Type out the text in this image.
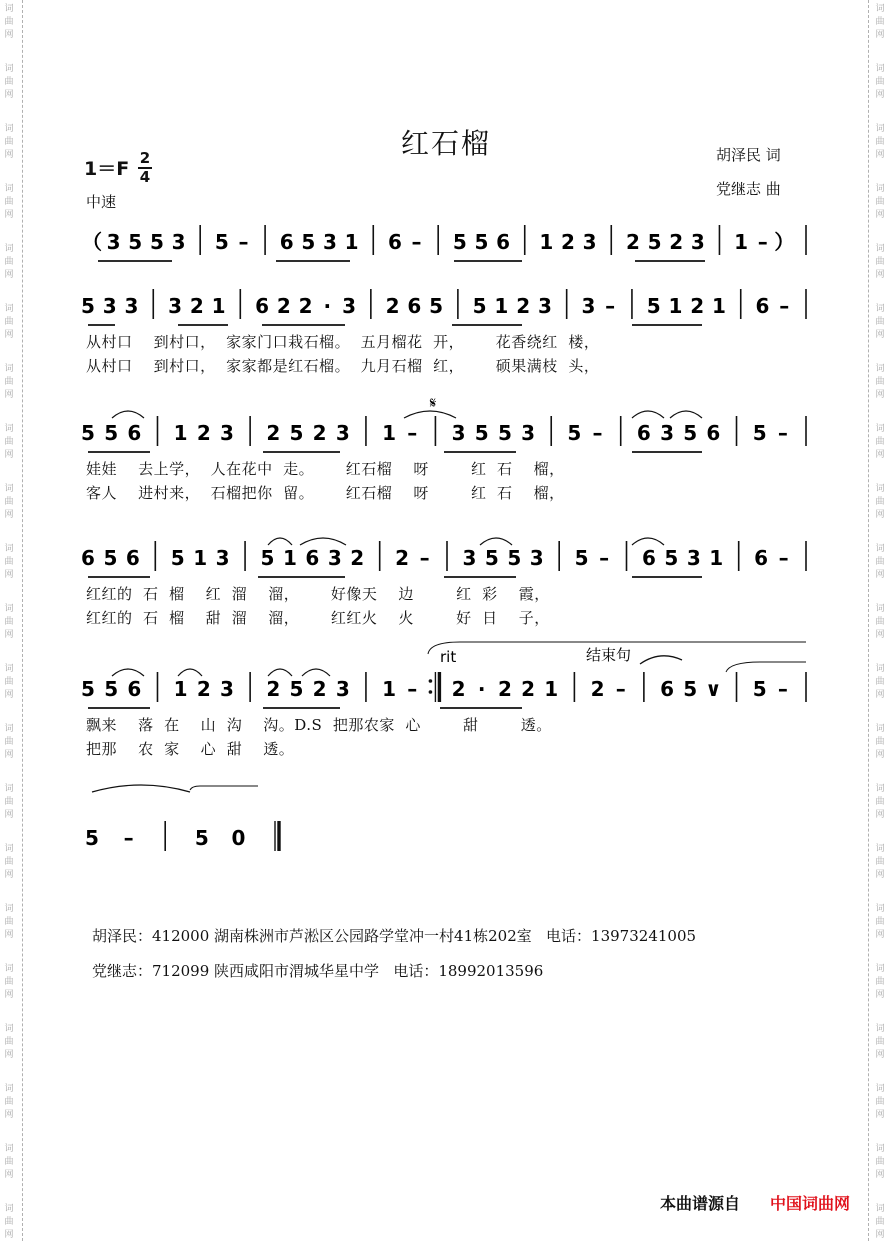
词
曲
网
词
曲
网
词
曲
网
词
曲
网
词
曲
网
词
曲
网
词
曲
网
词
曲
网
词
曲
网
词
曲
网
词
曲
网
词
曲
网
词
曲
网
词
曲
网
词
曲
网
词
曲
网
词
曲
网
词
曲
网
词
曲
网
词
曲
网
词
曲
网
词
曲
网
词
曲
网
词
曲
网
词
曲
网
词
曲
网
词
曲
网
词
曲
网
词
曲
网
词
曲
网
词
曲
网
词
曲
网
词
曲
网
词
曲
网
词
曲
网
词
曲
网
词
曲
网
词
曲
网
词
曲
网
词
曲
网
词
曲
网
词
曲
网
红石榴	胡泽民 词
党继志 曲
1＝F 2
4
中速
（ 3 5 5 3 5 – 6 5 3 1 6 – 5 5 6 1 2 3 2 5 2 3 1 – ）
5 3 3 3 2 1 6 2 2 · 3 2 6 5 5 1 2 3 3 – 5 1 2 1 6 –
5 5 6 1 2 3 2 5 2 3 1 – 3 5 5 3 5 – 6 3 5 6 5 –
𝄋
6 5 6 5 1 3 5 1 6 3 2 2 – 3 5 5 3 5 – 6 5 3 1 6 –
5 5 6 1 2 3 2 5 2 3 1 – 2 · 2 2 1 2 – 6 5 ∨ 5 –
rit	结束句
5 –	5 0
从村口    到村口，  家家门口栽石榴。  五月榴花  开，      花香绕红  楼，
从村口    到村口，  家家都是红石榴。  九月石榴  红，      硕果满枝  头，
娃娃    去上学，  人在花中  走。      红石榴    呀        红  石    榴，
客人    进村来，  石榴把你  留。      红石榴    呀        红  石    榴，
红红的  石  榴    红  溜    溜，      好像天    边        红  彩    霞，
红红的  石  榴    甜  溜    溜，      红红火    火        好  日    子，
飘来    落  在    山  沟    沟。D.S  把那农家  心        甜        透。
把那    农  家    心  甜    透。
胡泽民：412000 湖南株洲市芦淞区公园路学堂冲一村41栋202室   电话：13973241005
党继志：712099 陕西咸阳市渭城华星中学   电话：18992013596
本曲谱源自 中国词曲网
